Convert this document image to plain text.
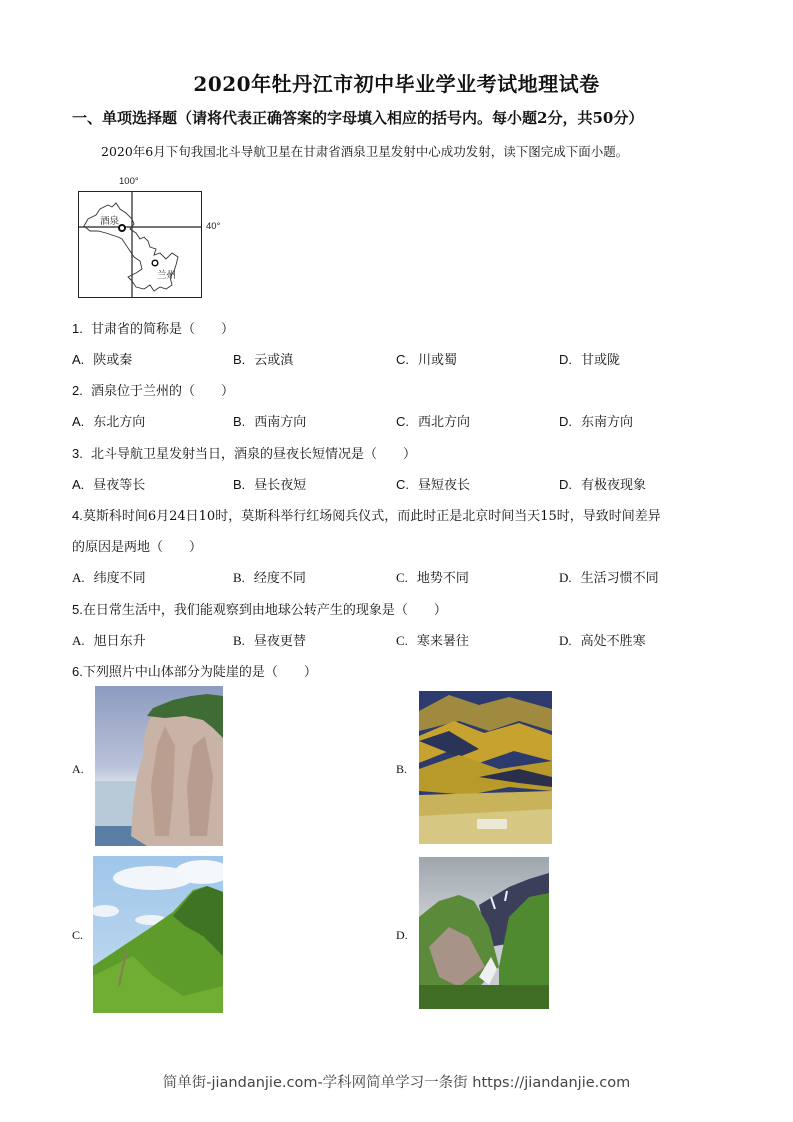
2020年牡丹江市初中毕业学业考试地理试卷
一、单项选择题（请将代表正确答案的字母填入相应的括号内。每小题2分，共50分）
2020年6月下旬我国北斗导航卫星在甘肃省酒泉卫星发射中心成功发射，读下图完成下面小题。
100°
40°
酒泉
兰州
1. 甘肃省的简称是（　　）
A. 陕或秦	B. 云或滇	C. 川或蜀	D. 甘或陇
2. 酒泉位于兰州的（　　）
A. 东北方向	B. 西南方向	C. 西北方向	D. 东南方向
3. 北斗导航卫星发射当日，酒泉的昼夜长短情况是（　　）
A. 昼夜等长	B. 昼长夜短	C. 昼短夜长	D. 有极夜现象
4.莫斯科时间6月24日10时，莫斯科举行红场阅兵仪式，而此时正是北京时间当天15时，导致时间差异
的原因是两地（　　）
A. 纬度不同	B. 经度不同	C. 地势不同	D. 生活习惯不同
5.在日常生活中，我们能观察到由地球公转产生的现象是（　　）
A. 旭日东升	B. 昼夜更替	C. 寒来暑往	D. 高处不胜寒
6.下列照片中山体部分为陡崖的是（　　）
A.	B.
C.	D.
简单街-jiandanjie.com-学科网简单学习一条街 https://jiandanjie.com
